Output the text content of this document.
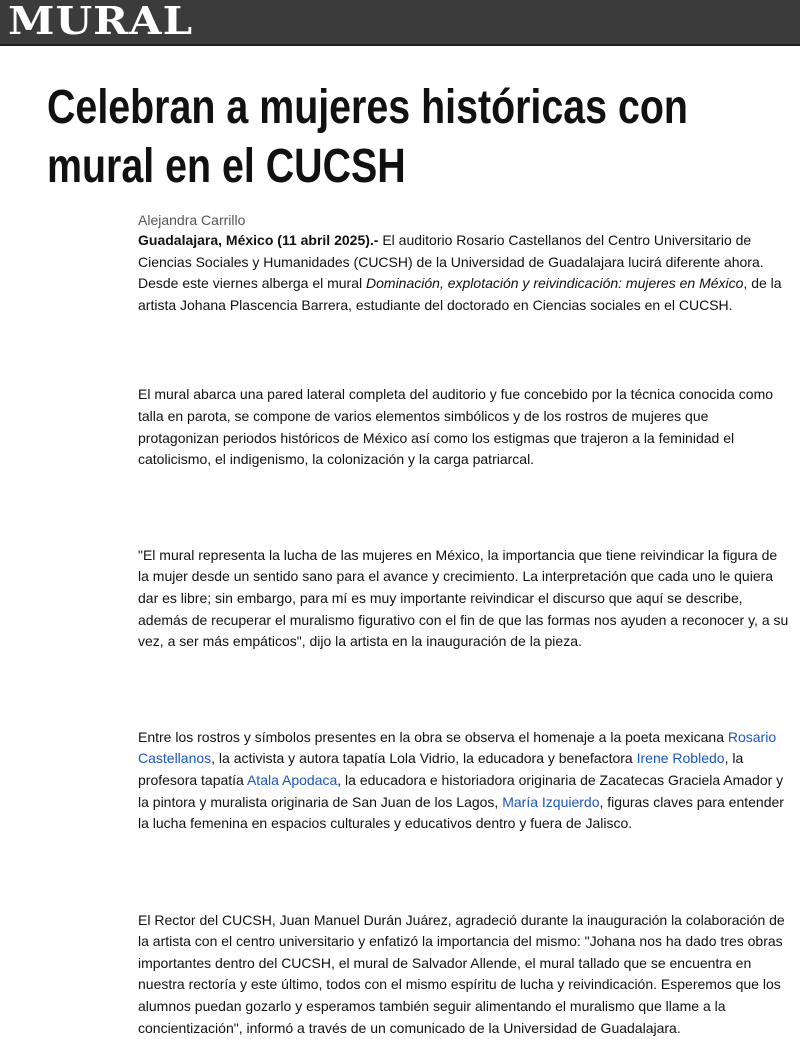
MURAL
Celebran a mujeres históricas con mural en el CUCSH

Alejandra Carrillo

Guadalajara, México (11 abril 2025).- El auditorio Rosario Castellanos del Centro Universitario de Ciencias Sociales y Humanidades (CUCSH) de la Universidad de Guadalajara lucirá diferente ahora. Desde este viernes alberga el mural Dominación, explotación y reivindicación: mujeres en México, de la artista Johana Plascencia Barrera, estudiante del doctorado en Ciencias sociales en el CUCSH.

El mural abarca una pared lateral completa del auditorio y fue concebido por la técnica conocida como talla en parota, se compone de varios elementos simbólicos y de los rostros de mujeres que protagonizan periodos históricos de México así como los estigmas que trajeron a la feminidad el catolicismo, el indigenismo, la colonización y la carga patriarcal.

"El mural representa la lucha de las mujeres en México, la importancia que tiene reivindicar la figura de la mujer desde un sentido sano para el avance y crecimiento. La interpretación que cada uno le quiera dar es libre; sin embargo, para mí es muy importante reivindicar el discurso que aquí se describe, además de recuperar el muralismo figurativo con el fin de que las formas nos ayuden a reconocer y, a su vez, a ser más empáticos", dijo la artista en la inauguración de la pieza.

Entre los rostros y símbolos presentes en la obra se observa el homenaje a la poeta mexicana Rosario Castellanos, la activista y autora tapatía Lola Vidrio, la educadora y benefactora Irene Robledo, la profesora tapatía Atala Apodaca, la educadora e historiadora originaria de Zacatecas Graciela Amador y la pintora y muralista originaria de San Juan de los Lagos, María Izquierdo, figuras claves para entender la lucha femenina en espacios culturales y educativos dentro y fuera de Jalisco.

El Rector del CUCSH, Juan Manuel Durán Juárez, agradeció durante la inauguración la colaboración de la artista con el centro universitario y enfatizó la importancia del mismo: "Johana nos ha dado tres obras importantes dentro del CUCSH, el mural de Salvador Allende, el mural tallado que se encuentra en nuestra rectoría y este último, todos con el mismo espíritu de lucha y reivindicación. Esperemos que los alumnos puedan gozarlo y esperamos también seguir alimentando el muralismo que llame a la concientización", informó a través de un comunicado de la Universidad de Guadalajara.
